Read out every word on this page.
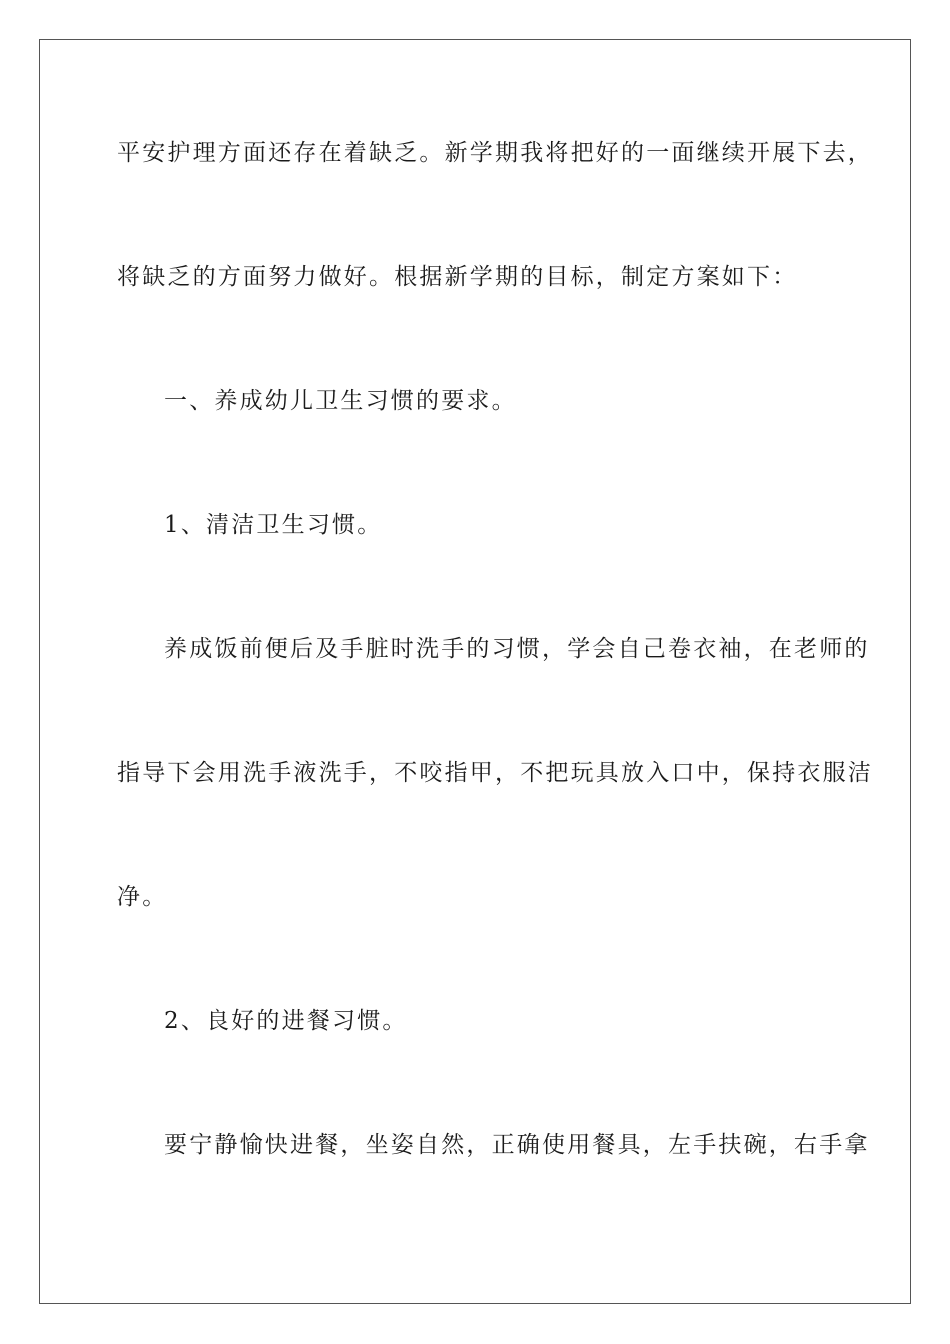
平安护理方面还存在着缺乏。新学期我将把好的一面继续开展下去，
将缺乏的方面努力做好。根据新学期的目标，制定方案如下：
一、养成幼儿卫生习惯的要求。
1、清洁卫生习惯。
养成饭前便后及手脏时洗手的习惯，学会自己卷衣袖，在老师的
指导下会用洗手液洗手，不咬指甲，不把玩具放入口中，保持衣服洁
净。
2、良好的进餐习惯。
要宁静愉快进餐，坐姿自然，正确使用餐具，左手扶碗，右手拿
